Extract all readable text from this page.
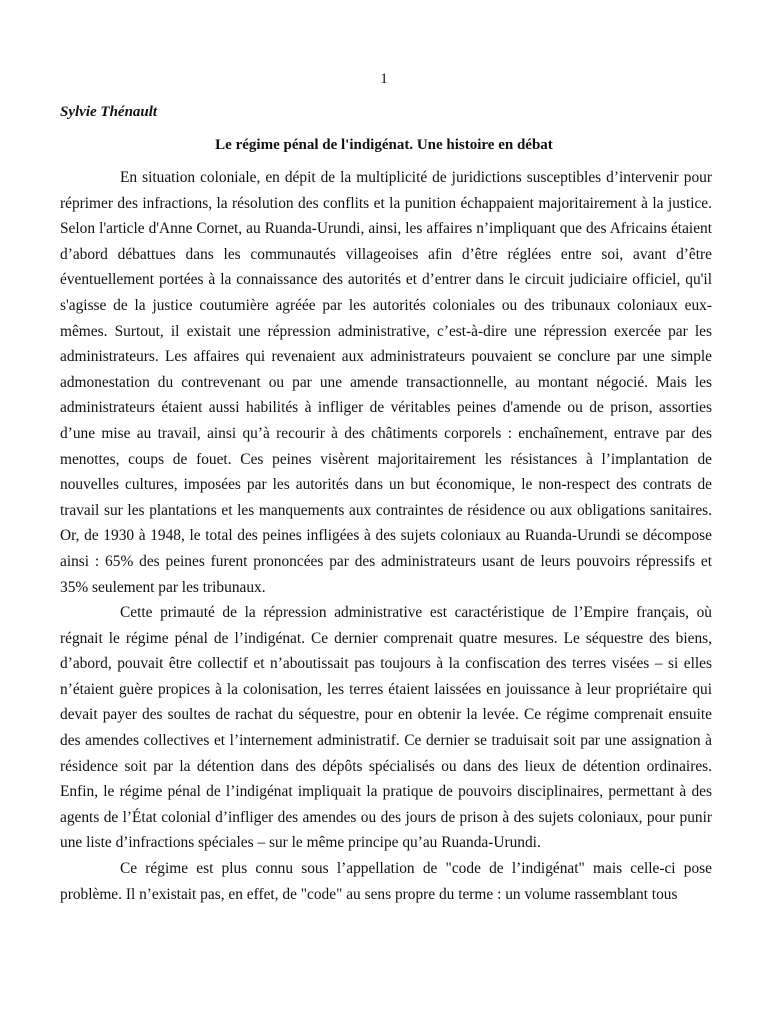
1
Sylvie Thénault
Le régime pénal de l'indigénat. Une histoire en débat

En situation coloniale, en dépit de la multiplicité de juridictions susceptibles d’intervenir pour réprimer des infractions, la résolution des conflits et la punition échappaient majoritairement à la justice. Selon l'article d'Anne Cornet, au Ruanda-Urundi, ainsi, les affaires n’impliquant que des Africains étaient d’abord débattues dans les communautés villageoises afin d’être réglées entre soi, avant d’être éventuellement portées à la connaissance des autorités et d’entrer dans le circuit judiciaire officiel, qu'il s'agisse de la justice coutumière agréée par les autorités coloniales ou des tribunaux coloniaux eux-mêmes. Surtout, il existait une répression administrative, c’est-à-dire une répression exercée par les administrateurs. Les affaires qui revenaient aux administrateurs pouvaient se conclure par une simple admonestation du contrevenant ou par une amende transactionnelle, au montant négocié. Mais les administrateurs étaient aussi habilités à infliger de véritables peines d'amende ou de prison, assorties d’une mise au travail, ainsi qu’à recourir à des châtiments corporels : enchaînement, entrave par des menottes, coups de fouet. Ces peines visèrent majoritairement les résistances à l’implantation de nouvelles cultures, imposées par les autorités dans un but économique, le non-respect des contrats de travail sur les plantations et les manquements aux contraintes de résidence ou aux obligations sanitaires. Or, de 1930 à 1948, le total des peines infligées à des sujets coloniaux au Ruanda-Urundi se décompose ainsi : 65% des peines furent prononcées par des administrateurs usant de leurs pouvoirs répressifs et 35% seulement par les tribunaux.

Cette primauté de la répression administrative est caractéristique de l’Empire français, où régnait le régime pénal de l’indigénat. Ce dernier comprenait quatre mesures. Le séquestre des biens, d’abord, pouvait être collectif et n’aboutissait pas toujours à la confiscation des terres visées – si elles n’étaient guère propices à la colonisation, les terres étaient laissées en jouissance à leur propriétaire qui devait payer des soultes de rachat du séquestre, pour en obtenir la levée. Ce régime comprenait ensuite des amendes collectives et l’internement administratif. Ce dernier se traduisait soit par une assignation à résidence soit par la détention dans des dépôts spécialisés ou dans des lieux de détention ordinaires. Enfin, le régime pénal de l’indigénat impliquait la pratique de pouvoirs disciplinaires, permettant à des agents de l’État colonial d’infliger des amendes ou des jours de prison à des sujets coloniaux, pour punir une liste d’infractions spéciales – sur le même principe qu’au Ruanda-Urundi.

Ce régime est plus connu sous l’appellation de "code de l’indigénat" mais celle-ci pose problème. Il n’existait pas, en effet, de "code" au sens propre du terme : un volume rassemblant tous
